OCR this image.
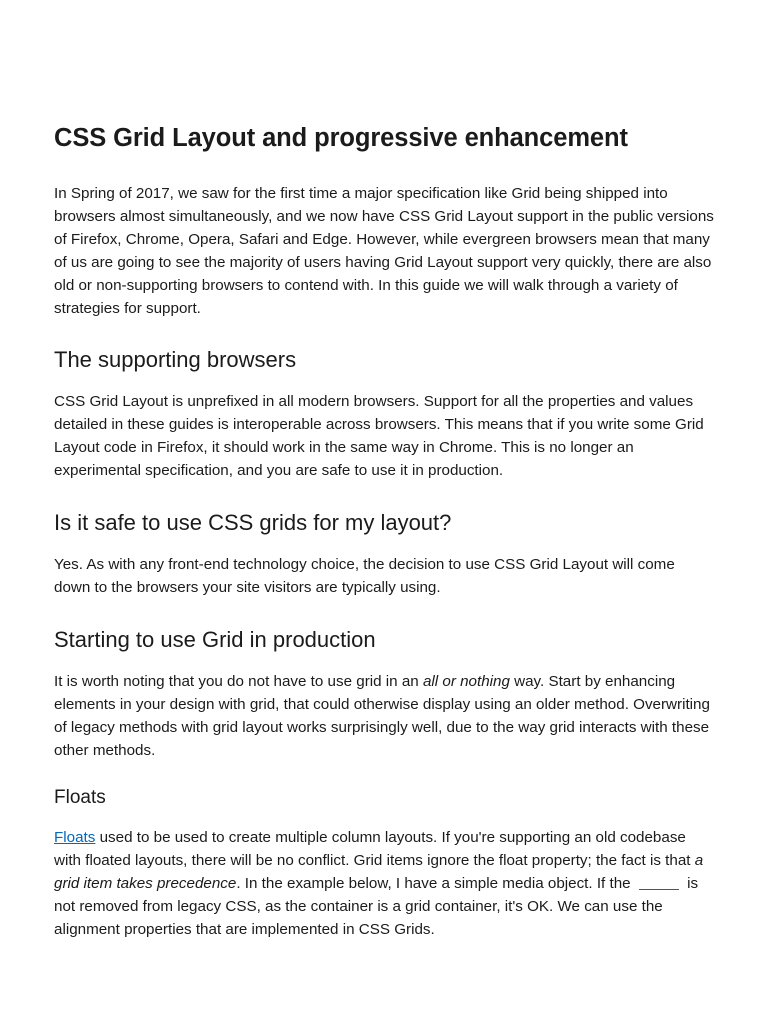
CSS Grid Layout and progressive enhancement

In Spring of 2017, we saw for the first time a major specification like Grid being shipped into browsers almost simultaneously, and we now have CSS Grid Layout support in the public versions of Firefox, Chrome, Opera, Safari and Edge. However, while evergreen browsers mean that many of us are going to see the majority of users having Grid Layout support very quickly, there are also old or non-supporting browsers to contend with. In this guide we will walk through a variety of strategies for support.

The supporting browsers

CSS Grid Layout is unprefixed in all modern browsers. Support for all the properties and values detailed in these guides is interoperable across browsers. This means that if you write some Grid Layout code in Firefox, it should work in the same way in Chrome. This is no longer an experimental specification, and you are safe to use it in production.

Is it safe to use CSS grids for my layout?

Yes. As with any front-end technology choice, the decision to use CSS Grid Layout will come down to the browsers your site visitors are typically using.

Starting to use Grid in production

It is worth noting that you do not have to use grid in an all or nothing way. Start by enhancing elements in your design with grid, that could otherwise display using an older method. Overwriting of legacy methods with grid layout works surprisingly well, due to the way grid interacts with these other methods.

Floats

Floats used to be used to create multiple column layouts. If you're supporting an old codebase with floated layouts, there will be no conflict. Grid items ignore the float property; the fact is that a grid item takes precedence. In the example below, I have a simple media object. If the	is not removed from legacy CSS, as the container is a grid container, it's OK. We can use the alignment properties that are implemented in CSS Grids.
